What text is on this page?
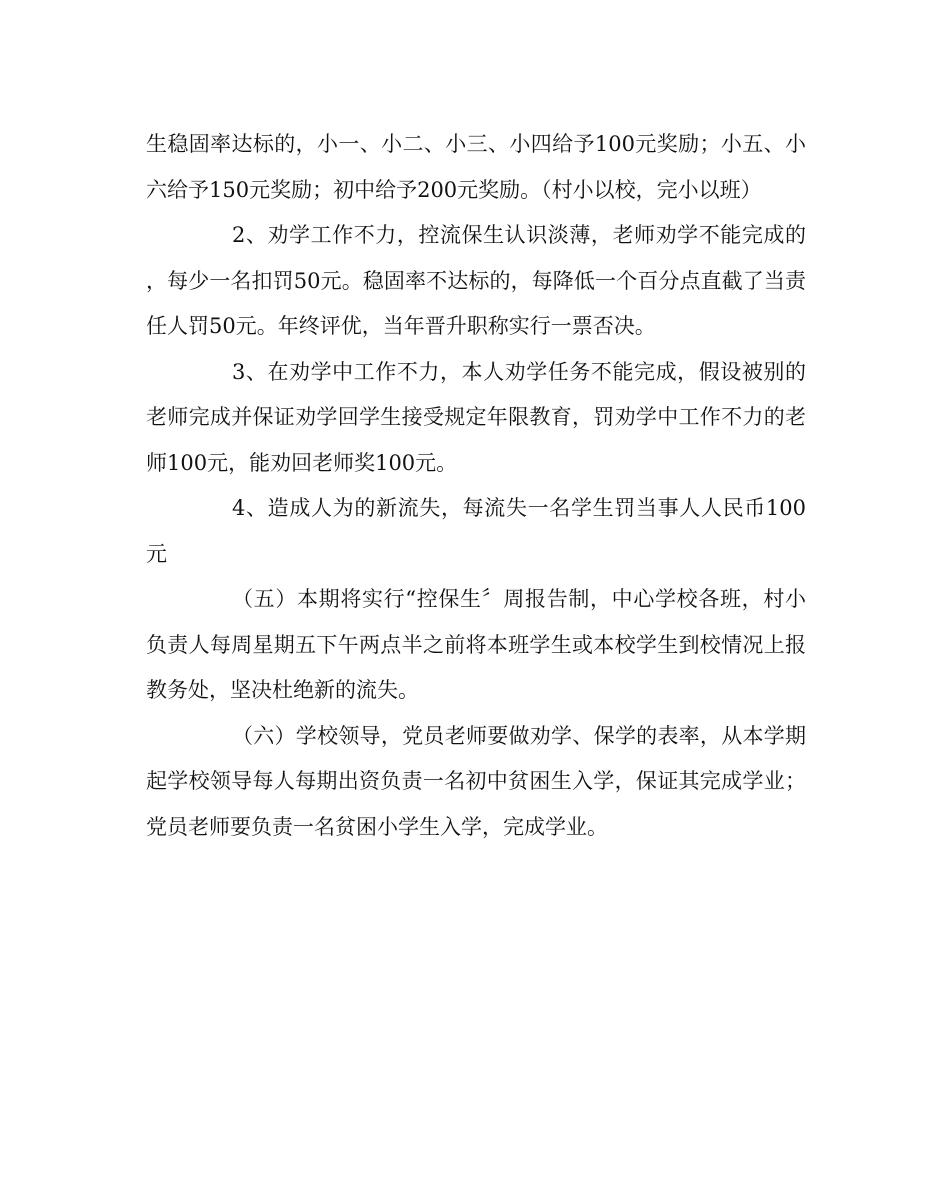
生稳固率达标的，小一、小二、小三、小四给予100元奖励；小五、小六给予150元奖励；初中给予200元奖励。（村小以校，完小以班）

2、劝学工作不力，控流保生认识淡薄，老师劝学不能完成的，每少一名扣罚50元。稳固率不达标的，每降低一个百分点直截了当责任人罚50元。年终评优，当年晋升职称实行一票否决。

3、在劝学中工作不力，本人劝学任务不能完成，假设被别的老师完成并保证劝学回学生接受规定年限教育，罚劝学中工作不力的老师100元，能劝回老师奖100元。

4、造成人为的新流失，每流失一名学生罚当事人人民币100元

（五）本期将实行“控保生〞周报告制，中心学校各班，村小负责人每周星期五下午两点半之前将本班学生或本校学生到校情况上报教务处，坚决杜绝新的流失。

（六）学校领导，党员老师要做劝学、保学的表率，从本学期起学校领导每人每期出资负责一名初中贫困生入学，保证其完成学业；党员老师要负责一名贫困小学生入学，完成学业。
